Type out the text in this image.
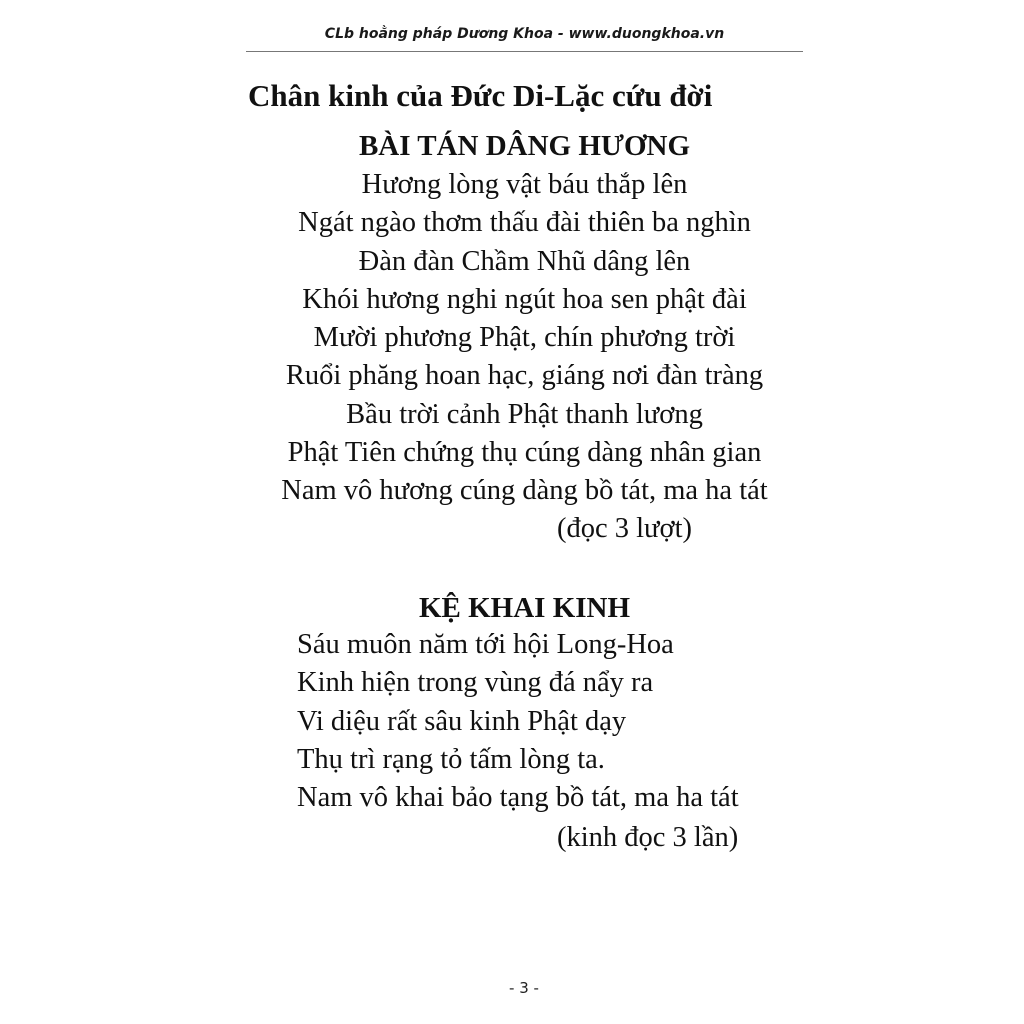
CLb hoằng pháp Dương Khoa - www.duongkhoa.vn
Chân kinh của Đức Di-Lặc cứu đời
BÀI TÁN DÂNG HƯƠNG
Hương lòng vật báu thắp lên
Ngát ngào thơm thấu đài thiên ba nghìn
Đàn đàn Chầm Nhũ dâng lên
Khói hương nghi ngút hoa sen phật đài
Mười phương Phật, chín phương trời
Ruổi phăng hoan hạc, giáng nơi đàn tràng
Bầu trời cảnh Phật thanh lương
Phật Tiên chứng thụ cúng dàng nhân gian
Nam vô hương cúng dàng bồ tát, ma ha tát
(đọc 3 lượt)
KỆ KHAI KINH
Sáu muôn năm tới hội Long-Hoa
Kinh hiện trong vùng đá nẩy ra
Vi diệu rất sâu kinh Phật dạy
Thụ trì rạng tỏ tấm lòng ta.
Nam vô khai bảo tạng bồ tát, ma ha tát
(kinh đọc 3 lần)
- 3 -
